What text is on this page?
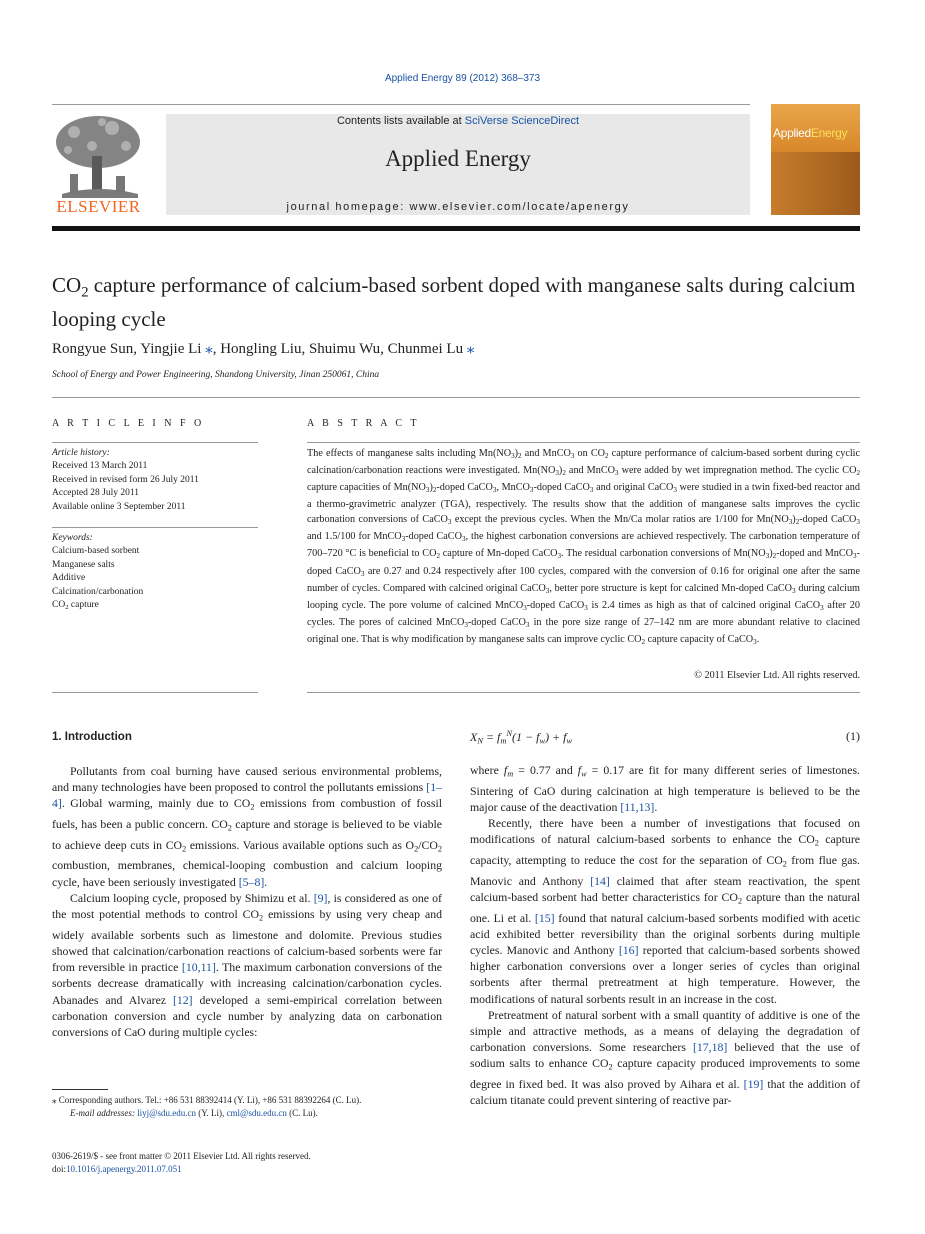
Applied Energy 89 (2012) 368–373
ELSEVIER
Contents lists available at SciVerse ScienceDirect
Applied Energy
journal homepage: www.elsevier.com/locate/apenergy
AppliedEnergy
$CO_2$ capture performance of calcium-based sorbent doped with manganese salts during calcium looping cycle
Rongyue Sun, Yingjie Li ⁎, Hongling Liu, Shuimu Wu, Chunmei Lu ⁎
School of Energy and Power Engineering, Shandong University, Jinan 250061, China
A R T I C L E I N F O
Article history:
Received 13 March 2011
Received in revised form 26 July 2011
Accepted 28 July 2011
Available online 3 September 2011
Keywords:
Calcium-based sorbent
Manganese salts
Additive
Calcination/carbonation
$CO_2$ capture
A B S T R A C T
The effects of manganese salts including $Mn(NO_3)_2$ and MnCO$_3$ on $CO_2$ capture performance of calcium-based sorbent during cyclic calcination/carbonation reactions were investigated. $Mn(NO_3)_2$ and MnCO$_3$ were added by wet impregnation method. The cyclic $CO_2$ capture capacities of $Mn(NO_3)_2$-doped CaCO$_3$, MnCO$_3$-doped CaCO$_3$ and original CaCO$_3$ were studied in a twin fixed-bed reactor and a thermo-gravimetric analyzer (TGA), respectively. The results show that the addition of manganese salts improves the cyclic carbonation conversions of CaCO$_3$ except the previous cycles. When the Mn/Ca molar ratios are 1/100 for $Mn(NO_3)_2$-doped CaCO$_3$ and 1.5/100 for MnCO$_3$-doped CaCO$_3$, the highest carbonation conversions are achieved respectively. The carbonation temperature of 700–720 °C is beneficial to $CO_2$ capture of Mn-doped CaCO$_3$. The residual carbonation conversions of $Mn(NO_3)_2$-doped and MnCO$_3$-doped CaCO$_3$ are 0.27 and 0.24 respectively after 100 cycles, compared with the conversion of 0.16 for original one after the same number of cycles. Compared with calcined original CaCO$_3$, better pore structure is kept for calcined Mn-doped CaCO$_3$ during calcium looping cycle. The pore volume of calcined MnCO$_3$-doped CaCO$_3$ is 2.4 times as high as that of calcined original CaCO$_3$ after 20 cycles. The pores of calcined MnCO$_3$-doped CaCO$_3$ in the pore size range of 27–142 nm are more abundant relative to clacined original one. That is why modification by manganese salts can improve cyclic $CO_2$ capture capacity of CaCO$_3$.
© 2011 Elsevier Ltd. All rights reserved.
1. Introduction

Pollutants from coal burning have caused serious environmental problems, and many technologies have been proposed to control the pollutants emissions [1–4]. Global warming, mainly due to $CO_2$ emissions from combustion of fossil fuels, has been a public concern. $CO_2$ capture and storage is believed to be viable to achieve deep cuts in $CO_2$ emissions. Various available options such as $O_2/CO_2$ combustion, membranes, chemical-looping combustion and calcium looping cycle, have been seriously investigated [5–8].

Calcium looping cycle, proposed by Shimizu et al. [9], is considered as one of the most potential methods to control $CO_2$ emissions by using very cheap and widely available sorbents such as limestone and dolomite. Previous studies showed that calcination/carbonation reactions of calcium-based sorbents were far from reversible in practice [10,11]. The maximum carbonation conversions of the sorbents decrease dramatically with increasing calcination/carbonation cycles. Abanades and Alvarez [12] developed a semi-empirical correlation between carbonation conversion and cycle number by analyzing data on carbonation conversions of CaO during multiple cycles:

$X_N = f_m^N(1 - f_w) + f_w$	(1)

where $f_m = 0.77$ and $f_w = 0.17$ are fit for many different series of limestones. Sintering of CaO during calcination at high temperature is believed to be the major cause of the deactivation [11,13].

Recently, there have been a number of investigations that focused on modifications of natural calcium-based sorbents to enhance the $CO_2$ capture capacity, attempting to reduce the cost for the separation of $CO_2$ from flue gas. Manovic and Anthony [14] claimed that after steam reactivation, the spent calcium-based sorbent had better characteristics for $CO_2$ capture than the natural one. Li et al. [15] found that natural calcium-based sorbents modified with acetic acid exhibited better reversibility than the original sorbents during multiple cycles. Manovic and Anthony [16] reported that calcium-based sorbents showed higher carbonation conversions over a longer series of cycles than original sorbents after thermal pretreatment at high temperature. However, the modifications of natural sorbents result in an increase in the cost.

Pretreatment of natural sorbent with a small quantity of additive is one of the simple and attractive methods, as a means of delaying the degradation of carbonation conversions. Some researchers [17,18] believed that the use of sodium salts to enhance $CO_2$ capture capacity produced improvements to some degree in fixed bed. It was also proved by Aihara et al. [19] that the addition of calcium titanate could prevent sintering of reactive par-

⁎ Corresponding authors. Tel.: +86 531 88392414 (Y. Li), +86 531 88392264 (C. Lu).
E-mail addresses: liyj@sdu.edu.cn (Y. Li), cml@sdu.edu.cn (C. Lu).
0306-2619/$ - see front matter © 2011 Elsevier Ltd. All rights reserved.
doi:10.1016/j.apenergy.2011.07.051
